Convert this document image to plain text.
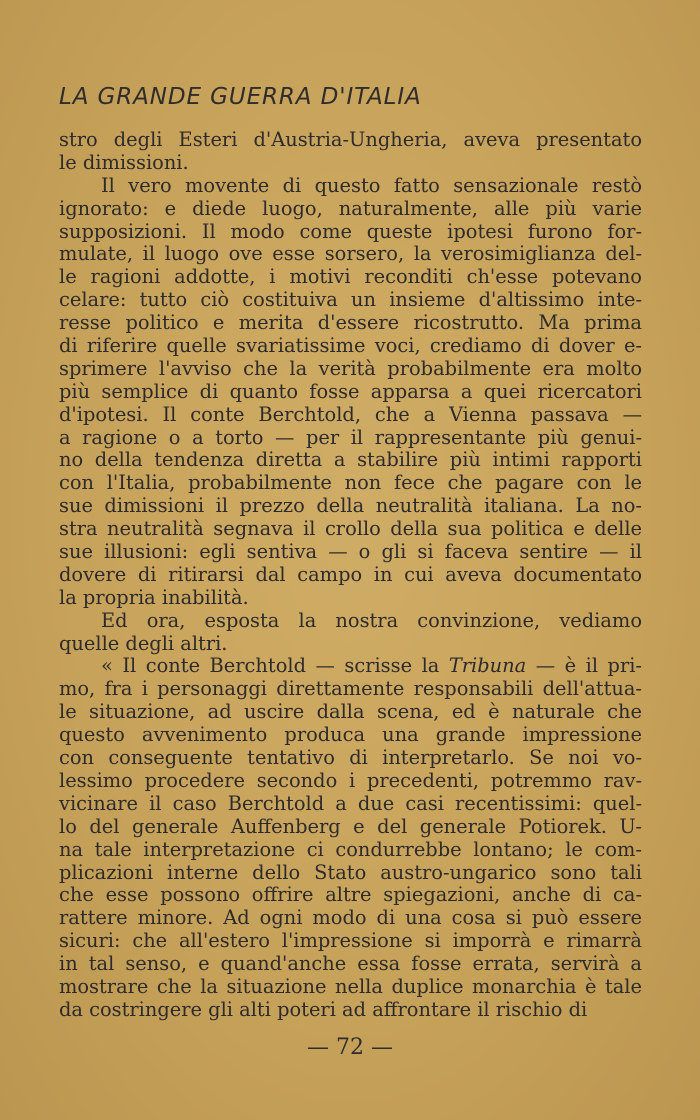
LA GRANDE GUERRA D'ITALIA

stro degli Esteri d'Austria-Ungheria, aveva presentato
le dimissioni.

Il vero movente di questo fatto sensazionale restò
ignorato: e diede luogo, naturalmente, alle più varie
supposizioni. Il modo come queste ipotesi furono for-
mulate, il luogo ove esse sorsero, la verosimiglianza del-
le ragioni addotte, i motivi reconditi ch'esse potevano
celare: tutto ciò costituiva un insieme d'altissimo inte-
resse politico e merita d'essere ricostrutto. Ma prima
di riferire quelle svariatissime voci, crediamo di dover e-
sprimere l'avviso che la verità probabilmente era molto
più semplice di quanto fosse apparsa a quei ricercatori
d'ipotesi. Il conte Berchtold, che a Vienna passava —
a ragione o a torto — per il rappresentante più genui-
no della tendenza diretta a stabilire più intimi rapporti
con l'Italia, probabilmente non fece che pagare con le
sue dimissioni il prezzo della neutralità italiana. La no-
stra neutralità segnava il crollo della sua politica e delle
sue illusioni: egli sentiva — o gli si faceva sentire — il
dovere di ritirarsi dal campo in cui aveva documentato
la propria inabilità.

Ed ora, esposta la nostra convinzione, vediamo
quelle degli altri.

« Il conte Berchtold — scrisse la Tribuna — è il pri-
mo, fra i personaggi direttamente responsabili dell'attua-
le situazione, ad uscire dalla scena, ed è naturale che
questo avvenimento produca una grande impressione
con conseguente tentativo di interpretarlo. Se noi vo-
lessimo procedere secondo i precedenti, potremmo rav-
vicinare il caso Berchtold a due casi recentissimi: quel-
lo del generale Auffenberg e del generale Potiorek. U-
na tale interpretazione ci condurrebbe lontano; le com-
plicazioni interne dello Stato austro-ungarico sono tali
che esse possono offrire altre spiegazioni, anche di ca-
rattere minore. Ad ogni modo di una cosa si può essere
sicuri: che all'estero l'impressione si imporrà e rimarrà
in tal senso, e quand'anche essa fosse errata, servirà a
mostrare che la situazione nella duplice monarchia è tale
da costringere gli alti poteri ad affrontare il rischio di

— 72 —
